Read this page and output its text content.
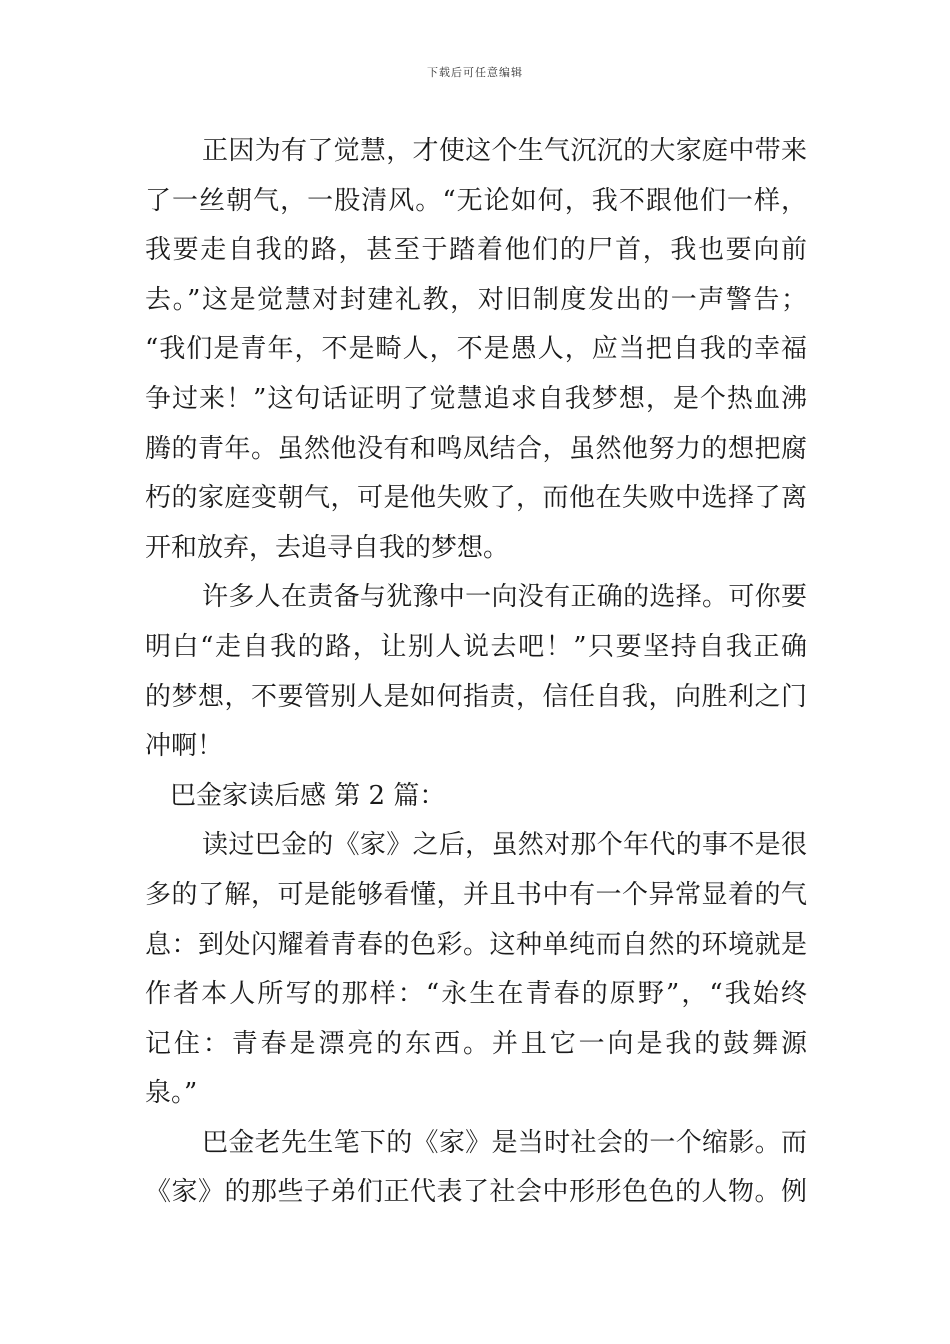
下载后可任意编辑
正因为有了觉慧，才使这个生气沉沉的大家庭中带来
了一丝朝气，一股清风。“无论如何，我不跟他们一样，
我要走自我的路，甚至于踏着他们的尸首，我也要向前
去。”这是觉慧对封建礼教，对旧制度发出的一声警告；
“我们是青年，不是畸人，不是愚人，应当把自我的幸福
争过来！”这句话证明了觉慧追求自我梦想，是个热血沸
腾的青年。虽然他没有和鸣凤结合，虽然他努力的想把腐
朽的家庭变朝气，可是他失败了，而他在失败中选择了离
开和放弃，去追寻自我的梦想。
许多人在责备与犹豫中一向没有正确的选择。可你要
明白“走自我的路，让别人说去吧！”只要坚持自我正确
的梦想，不要管别人是如何指责，信任自我，向胜利之门
冲啊！
巴金家读后感 第 2 篇：
读过巴金的《家》之后，虽然对那个年代的事不是很
多的了解，可是能够看懂，并且书中有一个异常显着的气
息：到处闪耀着青春的色彩。这种单纯而自然的环境就是
作者本人所写的那样：“永生在青春的原野”，“我始终
记住：青春是漂亮的东西。并且它一向是我的鼓舞源
泉。”
巴金老先生笔下的《家》是当时社会的一个缩影。而
《家》的那些子弟们正代表了社会中形形色色的人物。例
